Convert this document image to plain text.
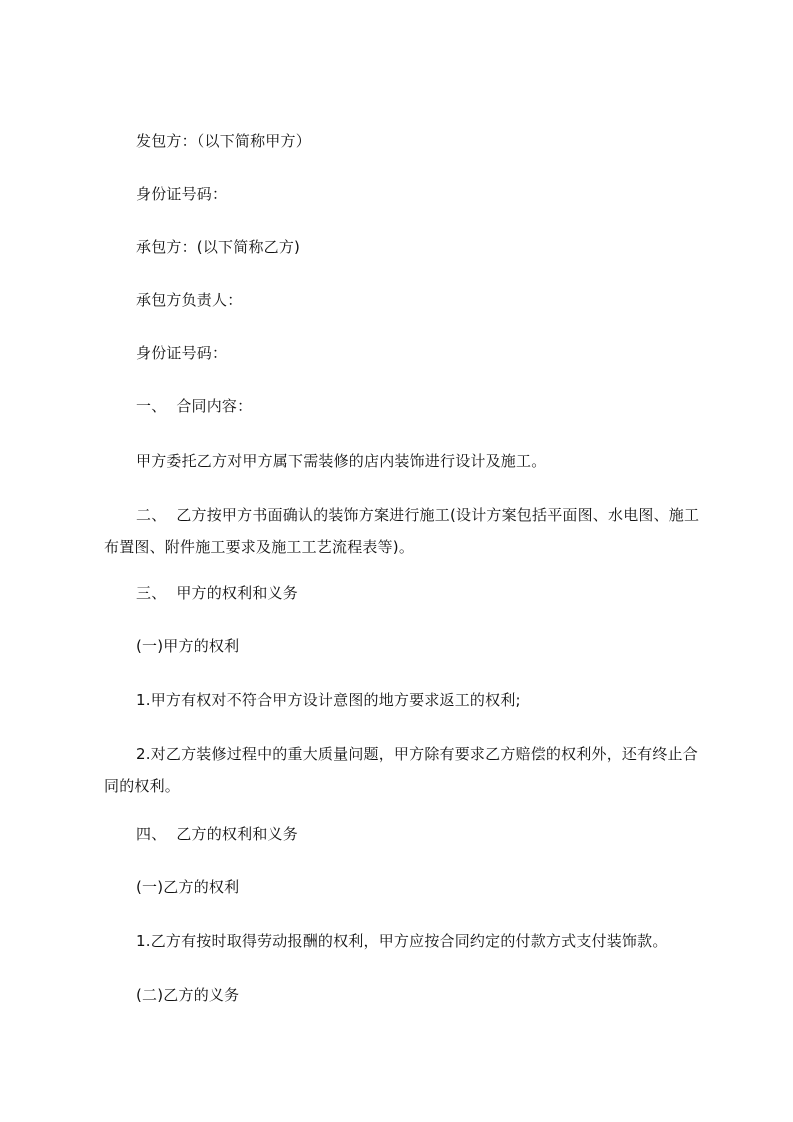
发包方：（以下简称甲方）
身份证号码：
承包方：(以下简称乙方)
承包方负责人：
身份证号码：
一、  合同内容：
甲方委托乙方对甲方属下需装修的店内装饰进行设计及施工。
二、  乙方按甲方书面确认的装饰方案进行施工(设计方案包括平面图、水电图、施工布置图、附件施工要求及施工工艺流程表等)。
三、  甲方的权利和义务
(一)甲方的权利
1.甲方有权对不符合甲方设计意图的地方要求返工的权利;
2.对乙方装修过程中的重大质量问题，甲方除有要求乙方赔偿的权利外，还有终止合同的权利。
四、  乙方的权利和义务
(一)乙方的权利
1.乙方有按时取得劳动报酬的权利，甲方应按合同约定的付款方式支付装饰款。
(二)乙方的义务
